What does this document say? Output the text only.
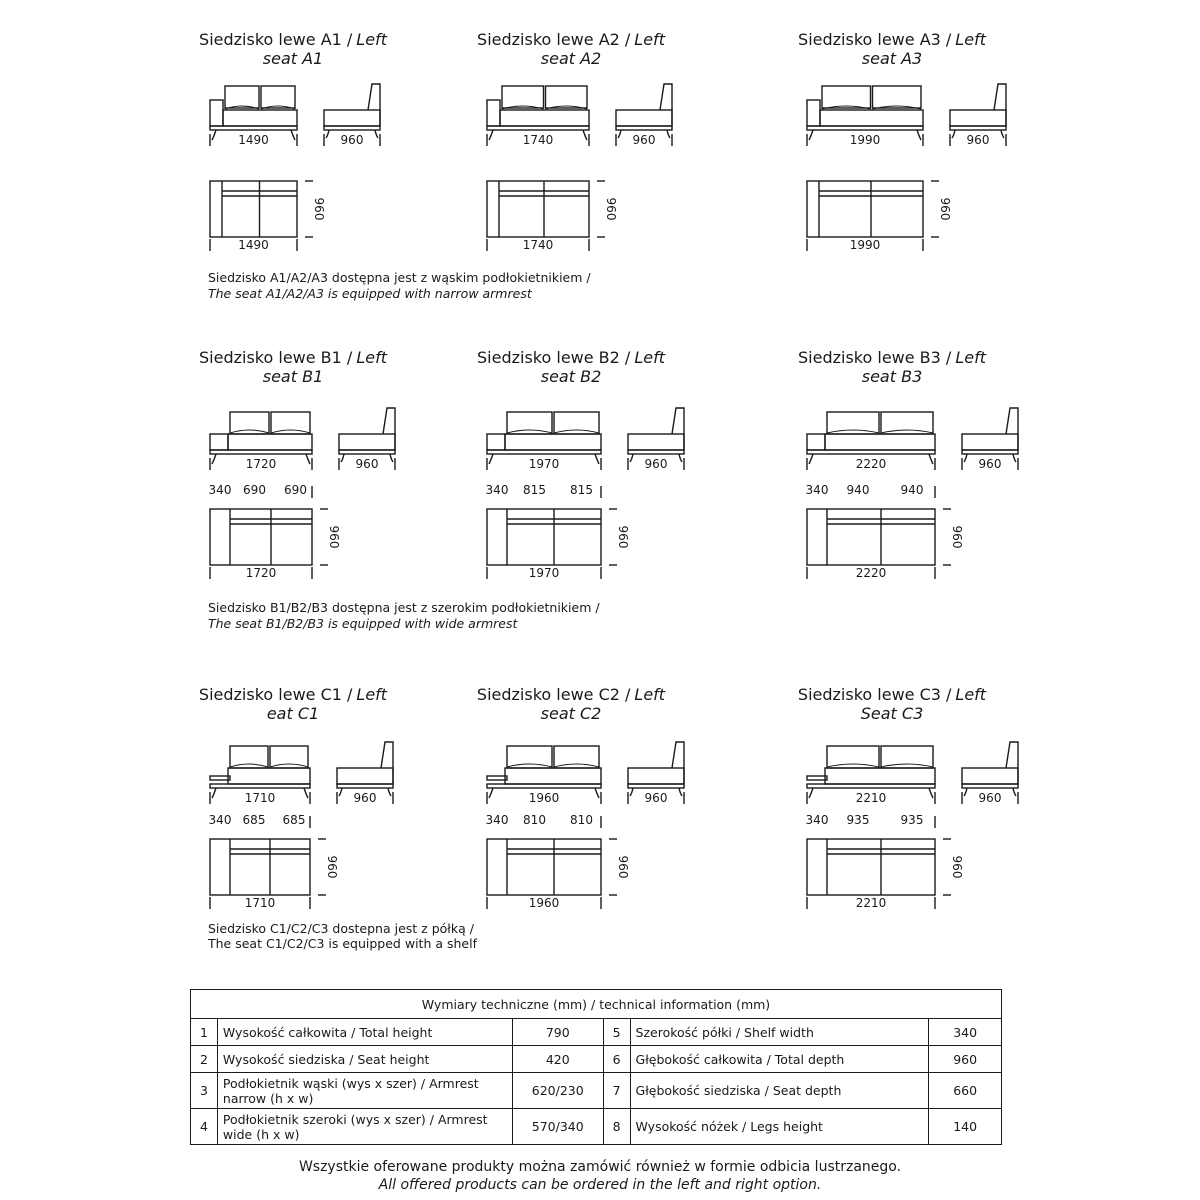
Siedzisko lewe A1 / Left
seat A1
1490	960
960
1490
Siedzisko lewe A2 / Left
seat A2
1740	960
960
1740
Siedzisko lewe A3 / Left
seat A3
1990	960
960
1990
Siedzisko lewe B1 / Left
seat B1
1720	960
960
1720
340 690 690
Siedzisko lewe B2 / Left
seat B2
1970	960
960
1970
340 815 815
Siedzisko lewe B3 / Left
seat B3
2220	960
960
2220
340 940	940
Siedzisko lewe C1 / Left
eat C1
1710	960
960
1710
340 685 685
Siedzisko lewe C2 / Left
seat C2
1960	960
960
1960
340 810 810
Siedzisko lewe C3 / Left
Seat C3
2210	960
960
2210
340 935	935
Siedzisko A1/A2/A3 dostępna jest z wąskim podłokietnikiem /
The seat A1/A2/A3 is equipped with narrow armrest
Siedzisko B1/B2/B3 dostępna jest z szerokim podłokietnikiem /
The seat B1/B2/B3 is equipped with wide armrest
Siedzisko C1/C2/C3 dostepna jest z półką /
The seat C1/C2/C3 is equipped with a shelf
Wymiary techniczne (mm) / technical information (mm)					
1	Wysokość całkowita / Total height	790	5	Szerokość półki / Shelf width	340
2	Wysokość siedziska / Seat height	420	6	Głębokość całkowita / Total depth	960
3	Podłokietnik wąski (wys x szer) / Armrest narrow (h x w)	620/230	7	Głębokość siedziska / Seat depth	660
4	Podłokietnik szeroki (wys x szer) / Armrest wide (h x w)	570/340	8	Wysokość nóżek / Legs height	140
Wszystkie oferowane produkty można zamówić również w formie odbicia lustrzanego.
All offered products can be ordered in the left and right option.
